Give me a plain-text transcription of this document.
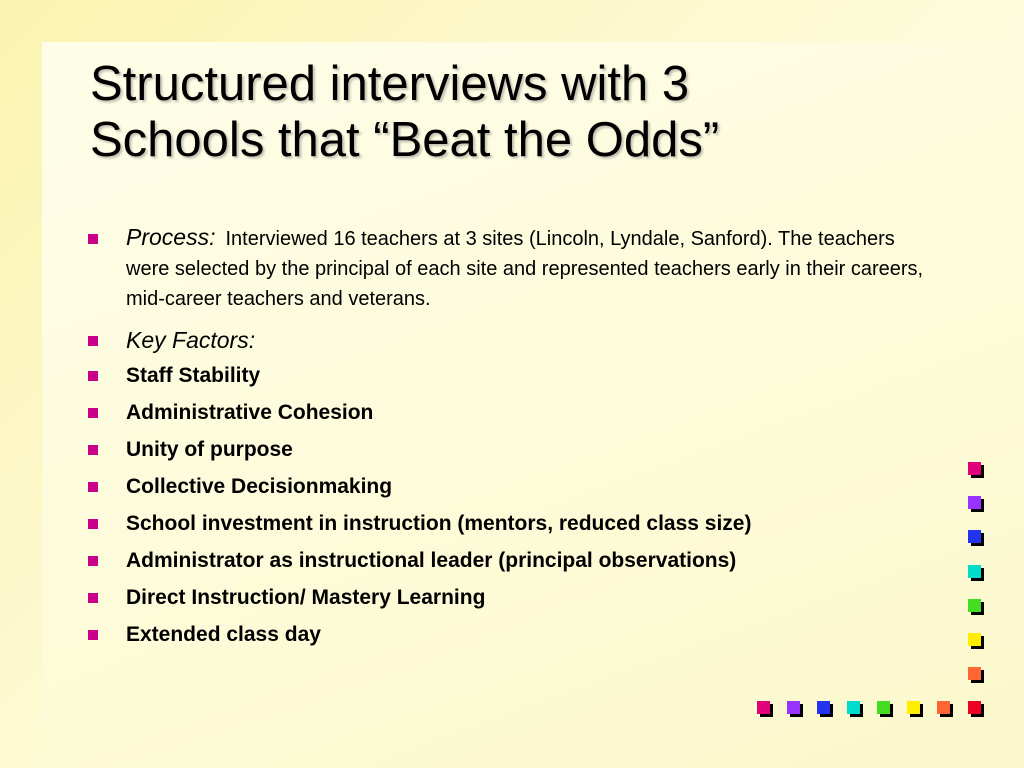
Structured interviews with 3
Schools that “Beat the Odds”
Process: Interviewed 16 teachers at 3 sites (Lincoln, Lyndale, Sanford). The teachers were selected by the principal of each site and represented teachers early in their careers, mid-career teachers and veterans.
Key Factors:
Staff Stability
Administrative Cohesion
Unity of purpose
Collective Decisionmaking
School investment in instruction (mentors, reduced class size)
Administrator as instructional leader (principal observations)
Direct Instruction/ Mastery Learning
Extended class day
